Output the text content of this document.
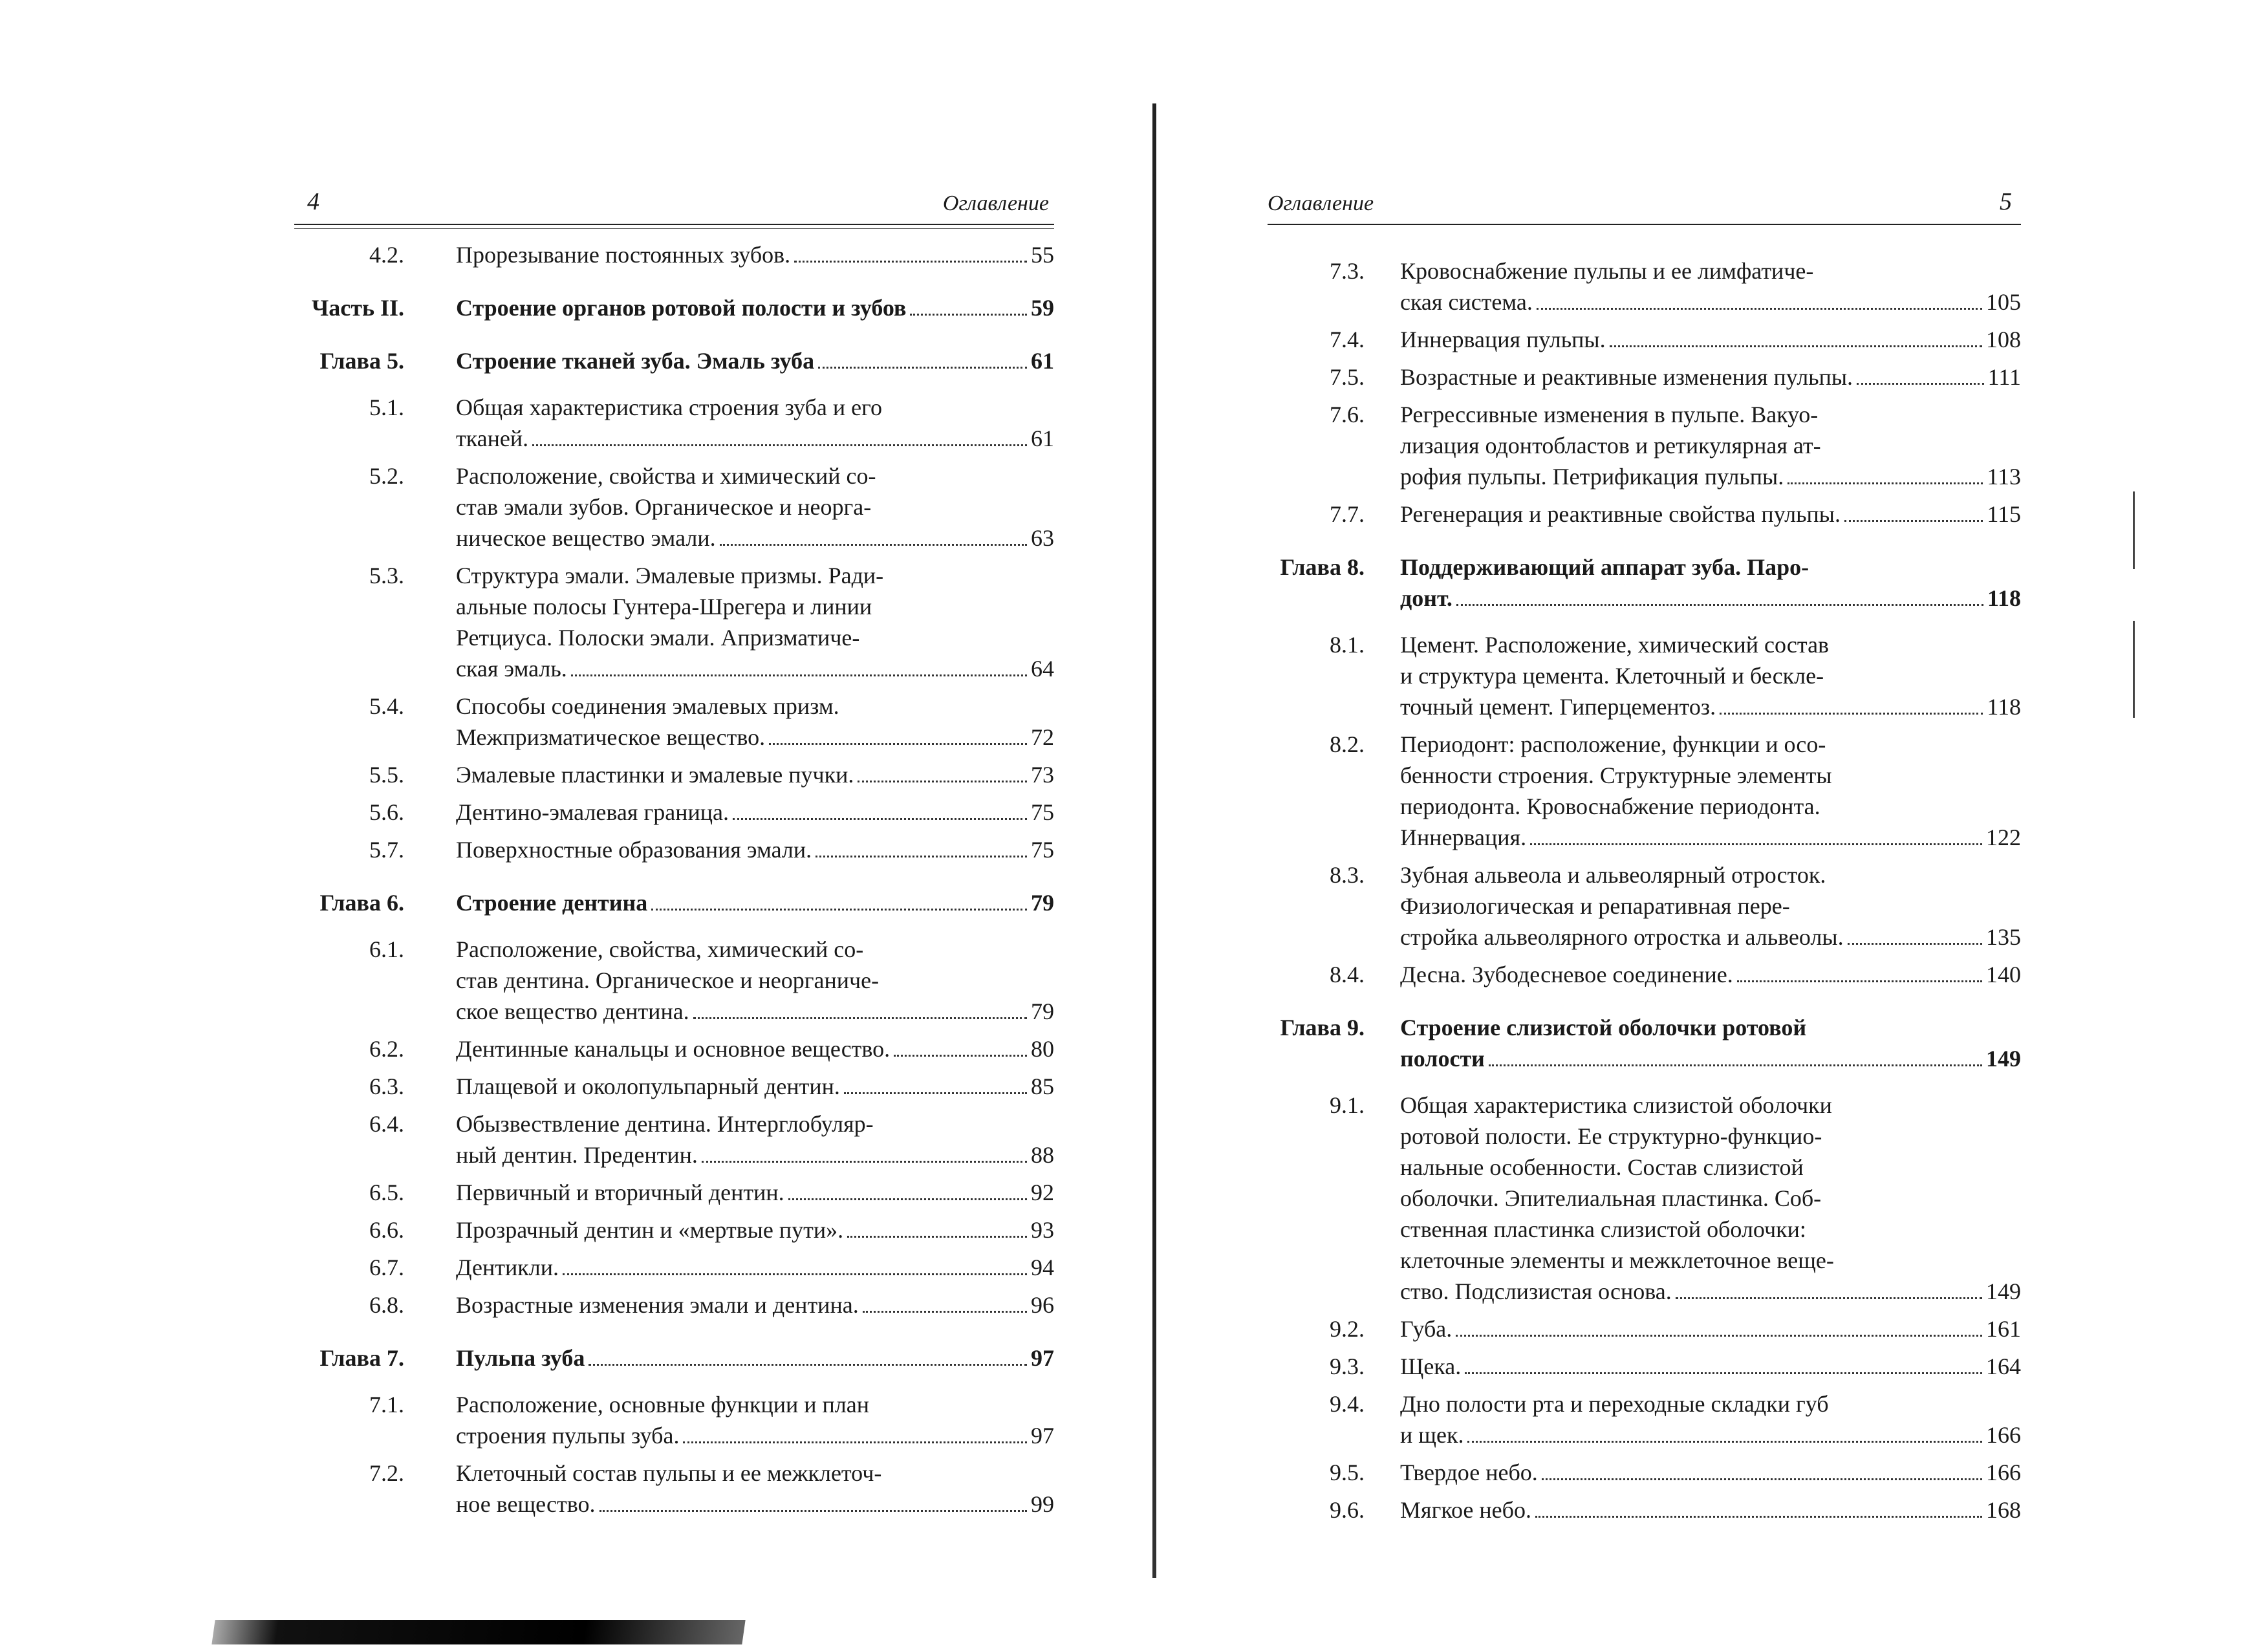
4	Оглавление
4.2.	Прорезывание постоянных зубов.	55
Часть II.	Строение органов ротовой полости и зубов	59
Глава 5.	Строение тканей зуба. Эмаль зуба	61
5.1.	Общая характеристика строения зуба и его
тканей.	61
5.2.	Расположение, свойства и химический со-
став эмали зубов. Органическое и неорга-
ническое вещество эмали.	63
5.3.	Структура эмали. Эмалевые призмы. Ради-
альные полосы Гунтера-Шрегера и линии
Ретциуса. Полоски эмали. Апризматиче-
ская эмаль.	64
5.4.	Способы соединения эмалевых призм.
Межпризматическое вещество.	72
5.5.	Эмалевые пластинки и эмалевые пучки.	73
5.6.	Дентино-эмалевая граница.	75
5.7.	Поверхностные образования эмали.	75
Глава 6.	Строение дентина	79
6.1.	Расположение, свойства, химический со-
став дентина. Органическое и неорганиче-
ское вещество дентина.	79
6.2.	Дентинные канальцы и основное вещество.	80
6.3.	Плащевой и околопульпарный дентин.	85
6.4.	Обызвествление дентина. Интерглобуляр-
ный дентин. Предентин.	88
6.5.	Первичный и вторичный дентин.	92
6.6.	Прозрачный дентин и «мертвые пути».	93
6.7.	Дентикли.	94
6.8.	Возрастные изменения эмали и дентина.	96
Глава 7.	Пульпа зуба	97
7.1.	Расположение, основные функции и план
строения пульпы зуба.	97
7.2.	Клеточный состав пульпы и ее межклеточ-
ное вещество.	99
Оглавление	5
7.3.	Кровоснабжение пульпы и ее лимфатиче-
ская система.	105
7.4.	Иннервация пульпы.	108
7.5.	Возрастные и реактивные изменения пульпы.	111
7.6.	Регрессивные изменения в пульпе. Вакуо-
лизация одонтобластов и ретикулярная ат-
рофия пульпы. Петрификация пульпы.	113
7.7.	Регенерация и реактивные свойства пульпы.	115
Глава 8.	Поддерживающий аппарат зуба. Паро-
донт.	118
8.1.	Цемент. Расположение, химический состав
и структура цемента. Клеточный и бескле-
точный цемент. Гиперцементоз.	118
8.2.	Периодонт: расположение, функции и осо-
бенности строения. Структурные элементы
периодонта. Кровоснабжение периодонта.
Иннервация.	122
8.3.	Зубная альвеола и альвеолярный отросток.
Физиологическая и репаративная пере-
стройка альвеолярного отростка и альвеолы.	135
8.4.	Десна. Зубодесневое соединение.	140
Глава 9.	Строение слизистой оболочки ротовой
полости	149
9.1.	Общая характеристика слизистой оболочки
ротовой полости. Ее структурно-функцио-
нальные особенности. Состав слизистой
оболочки. Эпителиальная пластинка. Соб-
ственная пластинка слизистой оболочки:
клеточные элементы и межклеточное веще-
ство. Подслизистая основа.	149
9.2.	Губа.	161
9.3.	Щека.	164
9.4.	Дно полости рта и переходные складки губ
и щек.	166
9.5.	Твердое небо.	166
9.6.	Мягкое небо.	168
